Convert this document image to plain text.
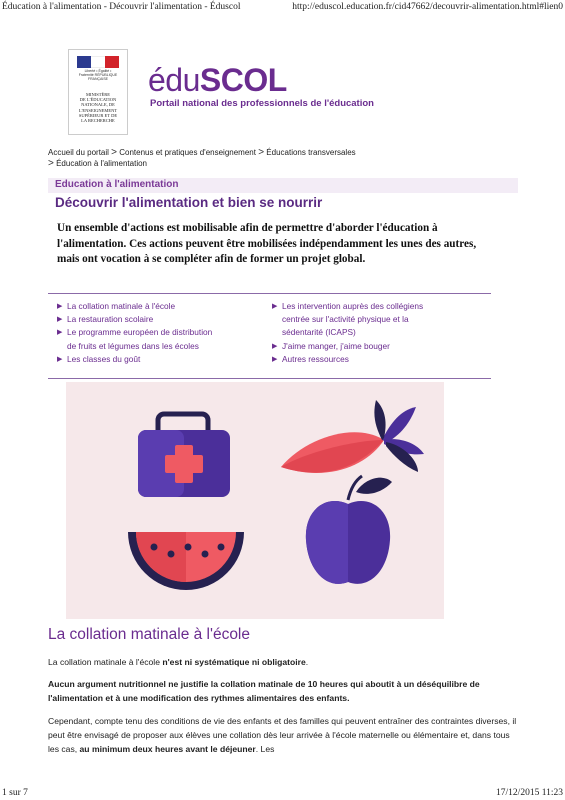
Éducation à l'alimentation - Découvrir l'alimentation - Éduscol	http://eduscol.education.fr/cid47662/decouvrir-alimentation.html#lien0
Liberté • Égalité • Fraternité RÉPUBLIQUE FRANÇAISE
MINISTÈRE
DE L'ÉDUCATION
NATIONALE, DE
L'ENSEIGNEMENT
SUPÉRIEUR ET DE
LA RECHERCHE
éduSCOL
Portail national des professionnels de l'éducation
Accueil du portail > Contenus et pratiques d'enseignement > Éducations transversales
> Éducation à l'alimentation
Education à l'alimentation
Découvrir l'alimentation et bien se nourrir
Un ensemble d'actions est mobilisable afin de permettre d'aborder l'éducation à l'alimentation. Ces actions peuvent être mobilisées indépendamment les unes des autres, mais ont vocation à se compléter afin de former un projet global.
▶ La collation matinale à l'école
▶ La restauration scolaire
▶ Le programme européen de distribution
de fruits et légumes dans les écoles
▶ Les classes du goût
▶ Les intervention auprès des collégiens
centrée sur l'activité physique et la
sédentarité (ICAPS)
▶ J'aime manger, j'aime bouger
▶ Autres ressources
La collation matinale à l'école
La collation matinale à l'école n'est ni systématique ni obligatoire.
Aucun argument nutritionnel ne justifie la collation matinale de 10 heures qui aboutit à un déséquilibre de l'alimentation et à une modification des rythmes alimentaires des enfants.
Cependant, compte tenu des conditions de vie des enfants et des familles qui peuvent entraîner des contraintes diverses, il peut être envisagé de proposer aux élèves une collation dès leur arrivée à l'école maternelle ou élémentaire et, dans tous les cas, au minimum deux heures avant le déjeuner. Les
1 sur 7	17/12/2015 11:23
